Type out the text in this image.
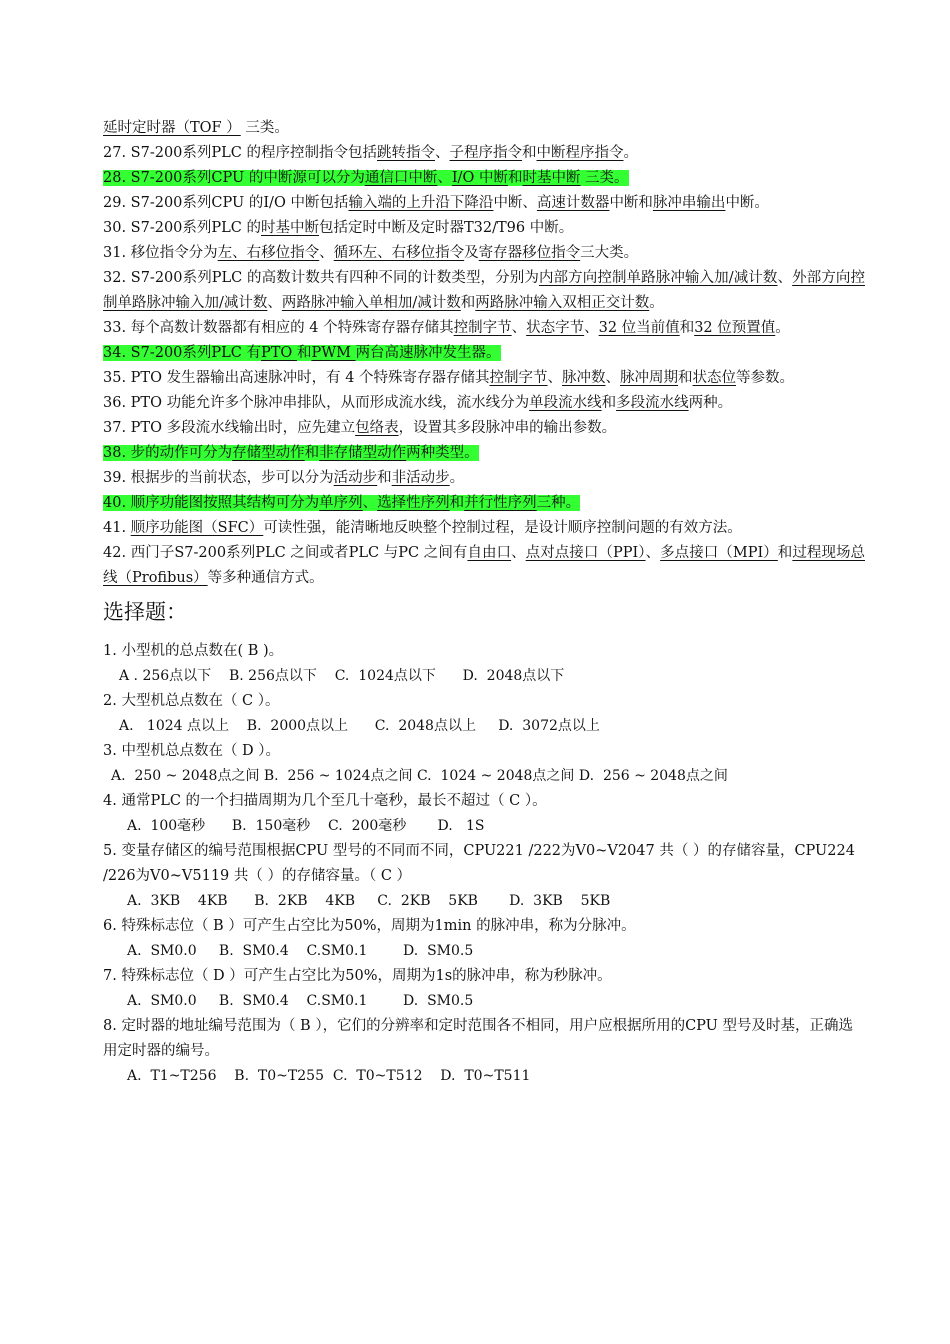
延时定时器（TOF ） 三类。
27. S7-200系列PLC 的程序控制指令包括跳转指令、子程序指令和中断程序指令。
28. S7-200系列CPU 的中断源可以分为通信口中断、I/O 中断和时基中断 三类。
29. S7-200系列CPU 的I/O 中断包括输入端的上升沿下降沿中断、高速计数器中断和脉冲串输出中断。
30. S7-200系列PLC 的时基中断包括定时中断及定时器T32/T96 中断。
31. 移位指令分为左、右移位指令、循环左、右移位指令及寄存器移位指令三大类。
32. S7-200系列PLC 的高数计数共有四种不同的计数类型，分别为内部方向控制单路脉冲输入加/减计数、外部方向控制单路脉冲输入加/减计数、两路脉冲输入单相加/减计数和两路脉冲输入双相正交计数。
33. 每个高数计数器都有相应的 4 个特殊寄存器存储其控制字节、状态字节、32 位当前值和32 位预置值。
34. S7-200系列PLC 有PTO 和PWM 两台高速脉冲发生器。
35. PTO 发生器输出高速脉冲时，有 4 个特殊寄存器存储其控制字节、脉冲数、脉冲周期和状态位等参数。
36. PTO 功能允许多个脉冲串排队，从而形成流水线，流水线分为单段流水线和多段流水线两种。
37. PTO 多段流水线输出时，应先建立包络表，设置其多段脉冲串的输出参数。
38. 步的动作可分为存储型动作和非存储型动作两种类型。
39. 根据步的当前状态，步可以分为活动步和非活动步。
40. 顺序功能图按照其结构可分为单序列、选择性序列和并行性序列三种。
41. 顺序功能图（SFC）可读性强，能清晰地反映整个控制过程，是设计顺序控制问题的有效方法。
42. 西门子S7-200系列PLC 之间或者PLC 与PC 之间有自由口、点对点接口（PPI）、多点接口（MPI）和过程现场总线（Profibus）等多种通信方式。
选择题：
1. 小型机的总点数在( B )。
A . 256点以下    B. 256点以下    C.  1024点以下      D.  2048点以下
2. 大型机总点数在（ C ）。
A.   1024 点以上    B.  2000点以上      C.  2048点以上     D.  3072点以上
3. 中型机总点数在（ D ）。
A.  250 ~ 2048点之间 B.  256 ~ 1024点之间 C.  1024 ~ 2048点之间 D.  256 ~ 2048点之间
4. 通常PLC 的一个扫描周期为几个至几十毫秒，最长不超过（ C ）。
A.  100毫秒      B.  150毫秒    C.  200毫秒       D.   1S
5. 变量存储区的编号范围根据CPU 型号的不同而不同，CPU221 /222为V0~V2047 共（ ）的存储容量，CPU224 /226为V0~V5119 共（ ）的存储容量。（ C ）
A.  3KB    4KB      B.  2KB    4KB     C.  2KB    5KB       D.  3KB    5KB
6. 特殊标志位（ B ）可产生占空比为50%，周期为1min 的脉冲串，称为分脉冲。
A.  SM0.0     B.  SM0.4    C.SM0.1        D.  SM0.5
7. 特殊标志位（ D ）可产生占空比为50%，周期为1s的脉冲串，称为秒脉冲。
A.  SM0.0     B.  SM0.4    C.SM0.1        D.  SM0.5
8. 定时器的地址编号范围为（ B ），它们的分辨率和定时范围各不相同，用户应根据所用的CPU 型号及时基，正确选用定时器的编号。
A.  T1~T256    B.  T0~T255  C.  T0~T512    D.  T0~T511
